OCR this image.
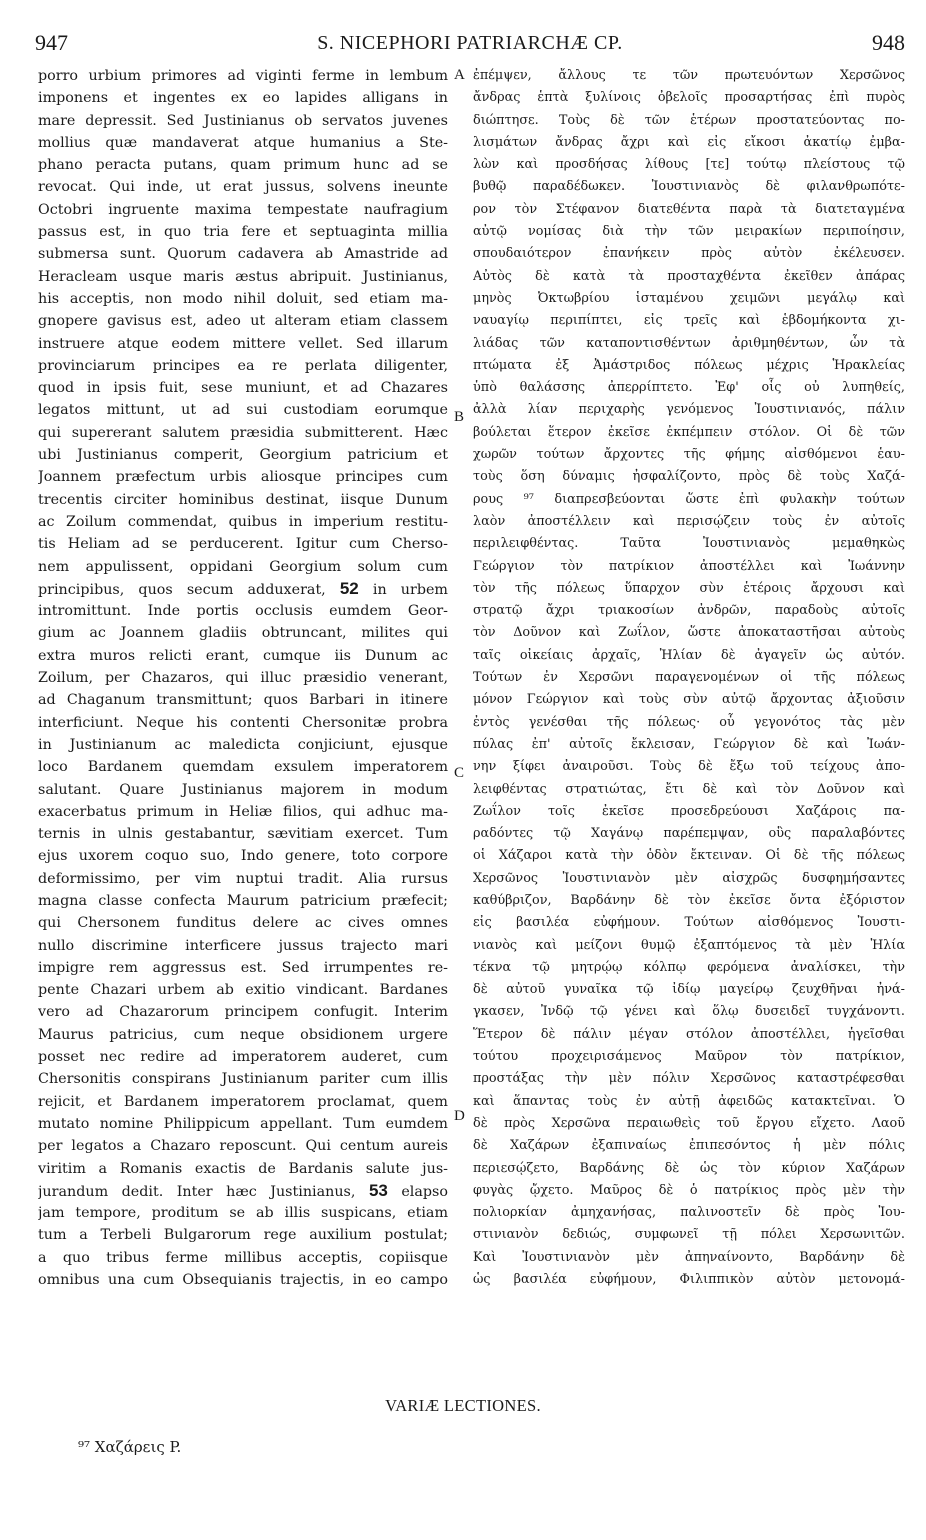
947	S. NICEPHORI PATRIARCHÆ CP.	948
porro urbium primores ad viginti ferme in lembum
imponens et ingentes ex eo lapides alligans in
mare depressit. Sed Justinianus ob servatos juvenes
mollius quæ mandaverat atque humanius a Ste-
phano peracta putans, quam primum hunc ad se
revocat. Qui inde, ut erat jussus, solvens ineunte
Octobri ingruente maxima tempestate naufragium
passus est, in quo tria fere et septuaginta millia
submersa sunt. Quorum cadavera ab Amastride ad
Heracleam usque maris æstus abripuit. Justinianus,
his acceptis, non modo nihil doluit, sed etiam ma-
gnopere gavisus est, adeo ut alteram etiam classem
instruere atque eodem mittere vellet. Sed illarum
provinciarum principes ea re perlata diligenter,
quod in ipsis fuit, sese muniunt, et ad Chazares
legatos mittunt, ut ad sui custodiam eorumque
qui supererant salutem præsidia submitterent. Hæc
ubi Justinianus comperit, Georgium patricium et
Joannem præfectum urbis aliosque principes cum
trecentis circiter hominibus destinat, iisque Dunum
ac Zoilum commendat, quibus in imperium restitu-
tis Heliam ad se perducerent. Igitur cum Cherso-
nem appulissent, oppidani Georgium solum cum
principibus, quos secum adduxerat, 52 in urbem
intromittunt. Inde portis occlusis eumdem Geor-
gium ac Joannem gladiis obtruncant, milites qui
extra muros relicti erant, cumque iis Dunum ac
Zoilum, per Chazaros, qui illuc præsidio venerant,
ad Chaganum transmittunt; quos Barbari in itinere
interficiunt. Neque his contenti Chersonitæ probra
in Justinianum ac maledicta conjiciunt, ejusque
loco Bardanem quemdam exsulem imperatorem
salutant. Quare Justinianus majorem in modum
exacerbatus primum in Heliæ filios, qui adhuc ma-
ternis in ulnis gestabantur, sævitiam exercet. Tum
ejus uxorem coquo suo, Indo genere, toto corpore
deformissimo, per vim nuptui tradit. Alia rursus
magna classe confecta Maurum patricium præfecit;
qui Chersonem funditus delere ac cives omnes
nullo discrimine interficere jussus trajecto mari
impigre rem aggressus est. Sed irrumpentes re-
pente Chazari urbem ab exitio vindicant. Bardanes
vero ad Chazarorum principem confugit. Interim
Maurus patricius, cum neque obsidionem urgere
posset nec redire ad imperatorem auderet, cum
Chersonitis conspirans Justinianum pariter cum illis
rejicit, et Bardanem imperatorem proclamat, quem
mutato nomine Philippicum appellant. Tum eumdem
per legatos a Chazaro reposcunt. Qui centum aureis
viritim a Romanis exactis de Bardanis salute jus-
jurandum dedit. Inter hæc Justinianus, 53 elapso
jam tempore, proditum se ab illis suspicans, etiam
tum a Terbeli Bulgarorum rege auxilium postulat;
a quo tribus ferme millibus acceptis, copiisque
omnibus una cum Obsequianis trajectis, in eo campo
ἐπέμψεν, ἄλλους τε τῶν πρωτευόντων Χερσῶνος
ἄνδρας ἑπτὰ ξυλίνοις ὀβελοῖς προσαρτήσας ἐπὶ πυρὸς
διώπτησε. Τοὺς δὲ τῶν ἑτέρων προστατεύοντας πο-
λισμάτων ἄνδρας ἄχρι καὶ εἰς εἴκοσι ἀκατίῳ ἐμβα-
λὼν καὶ προσδήσας λίθους [τε] τούτῳ πλείστους τῷ
βυθῷ παραδέδωκεν. Ἰουστινιανὸς δὲ φιλανθρωπότε-
ρον τὸν Στέφανον διατεθέντα παρὰ τὰ διατεταγμένα
αὐτῷ νομίσας διὰ τὴν τῶν μειρακίων περιποίησιν,
σπουδαιότερον ἐπανήκειν πρὸς αὐτὸν ἐκέλευσεν.
Αὐτὸς δὲ κατὰ τὰ προσταχθέντα ἐκεῖθεν ἀπάρας
μηνὸς Ὀκτωβρίου ἱσταμένου χειμῶνι μεγάλῳ καὶ
ναυαγίῳ περιπίπτει, εἰς τρεῖς καὶ ἑβδομήκοντα χι-
λιάδας τῶν καταποντισθέντων ἀριθμηθέντων, ὧν τὰ
πτώματα ἐξ Ἀμάστριδος πόλεως μέχρις Ἡρακλείας
ὑπὸ θαλάσσης ἀπερρίπτετο. Ἐφ' οἷς οὐ λυπηθείς,
ἀλλὰ λίαν περιχαρὴς γενόμενος Ἰουστινιανός, πάλιν
βούλεται ἕτερον ἐκεῖσε ἐκπέμπειν στόλον. Οἱ δὲ τῶν
χωρῶν τούτων ἄρχοντες τῆς φήμης αἰσθόμενοι ἑαυ-
τοὺς ὅση δύναμις ἠσφαλίζοντο, πρὸς δὲ τοὺς Χαζά-
ρους ⁹⁷ διαπρεσβεύονται ὥστε ἐπὶ φυλακὴν τούτων
λαὸν ἀποστέλλειν καὶ περισῴζειν τοὺς ἐν αὐτοῖς
περιλειφθέντας. Ταῦτα Ἰουστινιανὸς μεμαθηκὼς
Γεώργιον τὸν πατρίκιον ἀποστέλλει καὶ Ἰωάννην
τὸν τῆς πόλεως ὕπαρχον σὺν ἑτέροις ἄρχουσι καὶ
στρατῷ ἄχρι τριακοσίων ἀνδρῶν, παραδοὺς αὐτοῖς
τὸν Δοῦνον καὶ Ζωΐλον, ὥστε ἀποκαταστῆσαι αὐτοὺς
ταῖς οἰκείαις ἀρχαῖς, Ἠλίαν δὲ ἀγαγεῖν ὡς αὐτόν.
Τούτων ἐν Χερσῶνι παραγενομένων οἱ τῆς πόλεως
μόνον Γεώργιον καὶ τοὺς σὺν αὐτῷ ἄρχοντας ἀξιοῦσιν
ἐντὸς γενέσθαι τῆς πόλεως· οὗ γεγονότος τὰς μὲν
πύλας ἐπ' αὐτοῖς ἔκλεισαν, Γεώργιον δὲ καὶ Ἰωάν-
νην ξίφει ἀναιροῦσι. Τοὺς δὲ ἔξω τοῦ τείχους ἀπο-
λειφθέντας στρατιώτας, ἔτι δὲ καὶ τὸν Δοῦνον καὶ
Ζωΐλον τοῖς ἐκεῖσε προσεδρεύουσι Χαζάροις πα-
ραδόντες τῷ Χαγάνῳ παρέπεμψαν, οὓς παραλαβόντες
οἱ Χάζαροι κατὰ τὴν ὁδὸν ἔκτειναν. Οἱ δὲ τῆς πόλεως
Χερσῶνος Ἰουστινιανὸν μὲν αἰσχρῶς δυσφημήσαντες
καθύβριζον, Βαρδάνην δὲ τὸν ἐκεῖσε ὄντα ἐξόριστον
εἰς βασιλέα εὐφήμουν. Τούτων αἰσθόμενος Ἰουστι-
νιανὸς καὶ μείζονι θυμῷ ἐξαπτόμενος τὰ μὲν Ἠλία
τέκνα τῷ μητρῴῳ κόλπῳ φερόμενα ἀναλίσκει, τὴν
δὲ αὐτοῦ γυναῖκα τῷ ἰδίῳ μαγείρῳ ζευχθῆναι ἠνά-
γκασεν, Ἰνδῷ τῷ γένει καὶ ὅλῳ δυσειδεῖ τυγχάνοντι.
Ἕτερον δὲ πάλιν μέγαν στόλον ἀποστέλλει, ἡγεῖσθαι
τούτου προχειρισάμενος Μαῦρον τὸν πατρίκιον,
προστάξας τὴν μὲν πόλιν Χερσῶνος καταστρέφεσθαι
καὶ ἅπαντας τοὺς ἐν αὐτῇ ἀφειδῶς κατακτεῖναι. Ὁ
δὲ πρὸς Χερσῶνα περαιωθεὶς τοῦ ἔργου εἴχετο. Λαοῦ
δὲ Χαζάρων ἐξαπιναίως ἐπιπεσόντος ἡ μὲν πόλις
περιεσῴζετο, Βαρδάνης δὲ ὡς τὸν κύριον Χαζάρων
φυγὰς ᾤχετο. Μαῦρος δὲ ὁ πατρίκιος πρὸς μὲν τὴν
πολιορκίαν ἀμηχανήσας, παλινοστεῖν δὲ πρὸς Ἰου-
στινιανὸν δεδιώς, συμφωνεῖ τῇ πόλει Χερσωνιτῶν.
Καὶ Ἰουστινιανὸν μὲν ἀπηναίνοντο, Βαρδάνην δὲ
ὡς βασιλέα εὐφήμουν, Φιλιππικὸν αὐτὸν μετονομά-
A
B
C
D
VARIÆ LECTIONES.
⁹⁷ Χαζάρεις P.
